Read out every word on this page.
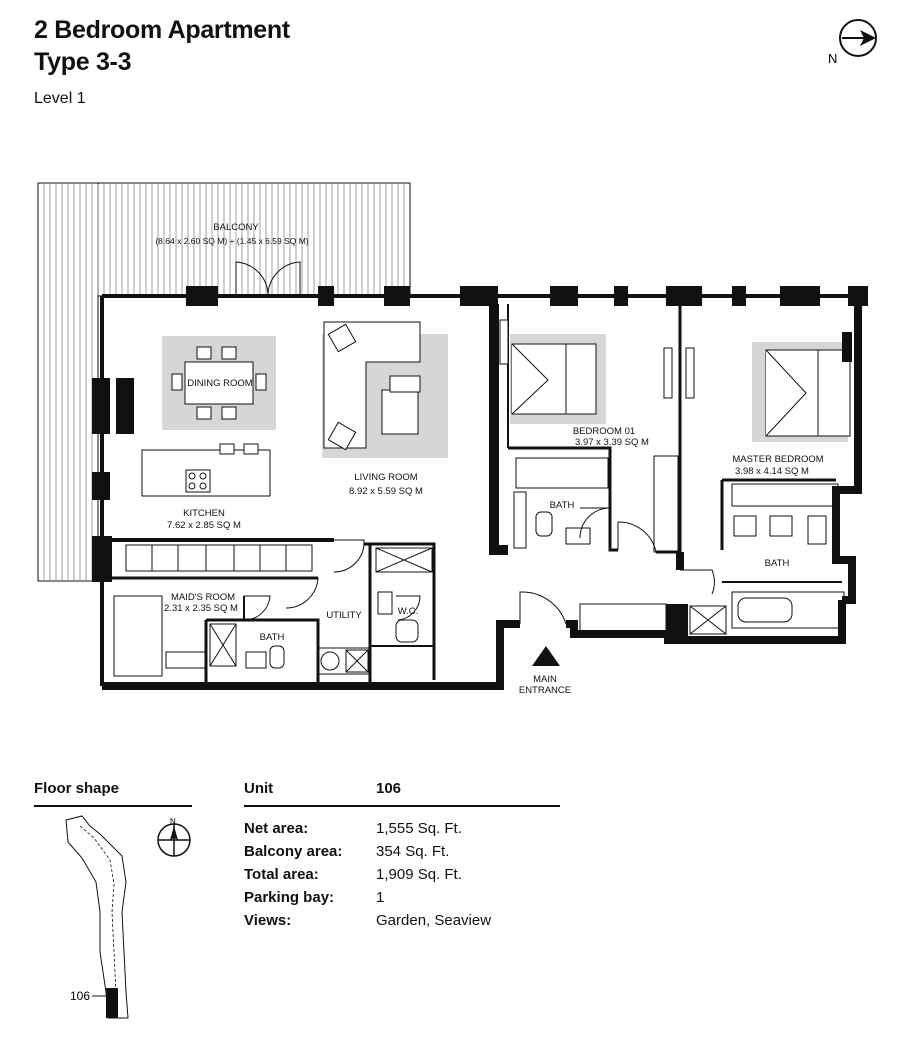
2 Bedroom Apartment
Type 3-3
Level 1
N
BALCONY
(8.64 x 2.60 SQ M) + (1.45 x 6.59 SQ M)
DINING ROOM
LIVING ROOM
8.92 x 5.59 SQ M
KITCHEN
7.62 x 2.85 SQ M
BEDROOM 01
3.97 x 3.39 SQ M
MASTER BEDROOM
3.98 x 4.14 SQ M
BATH
BATH
BATH
MAID'S ROOM
2.31 x 2.35 SQ M
UTILITY	W.C.
MAIN
ENTRANCE
Floor shape
106
N
Unit	106
Net area:	1,555 Sq. Ft.
Balcony area: 354 Sq. Ft.
Total area:	1,909 Sq. Ft.
Parking bay:	1
Views:	Garden, Seaview
